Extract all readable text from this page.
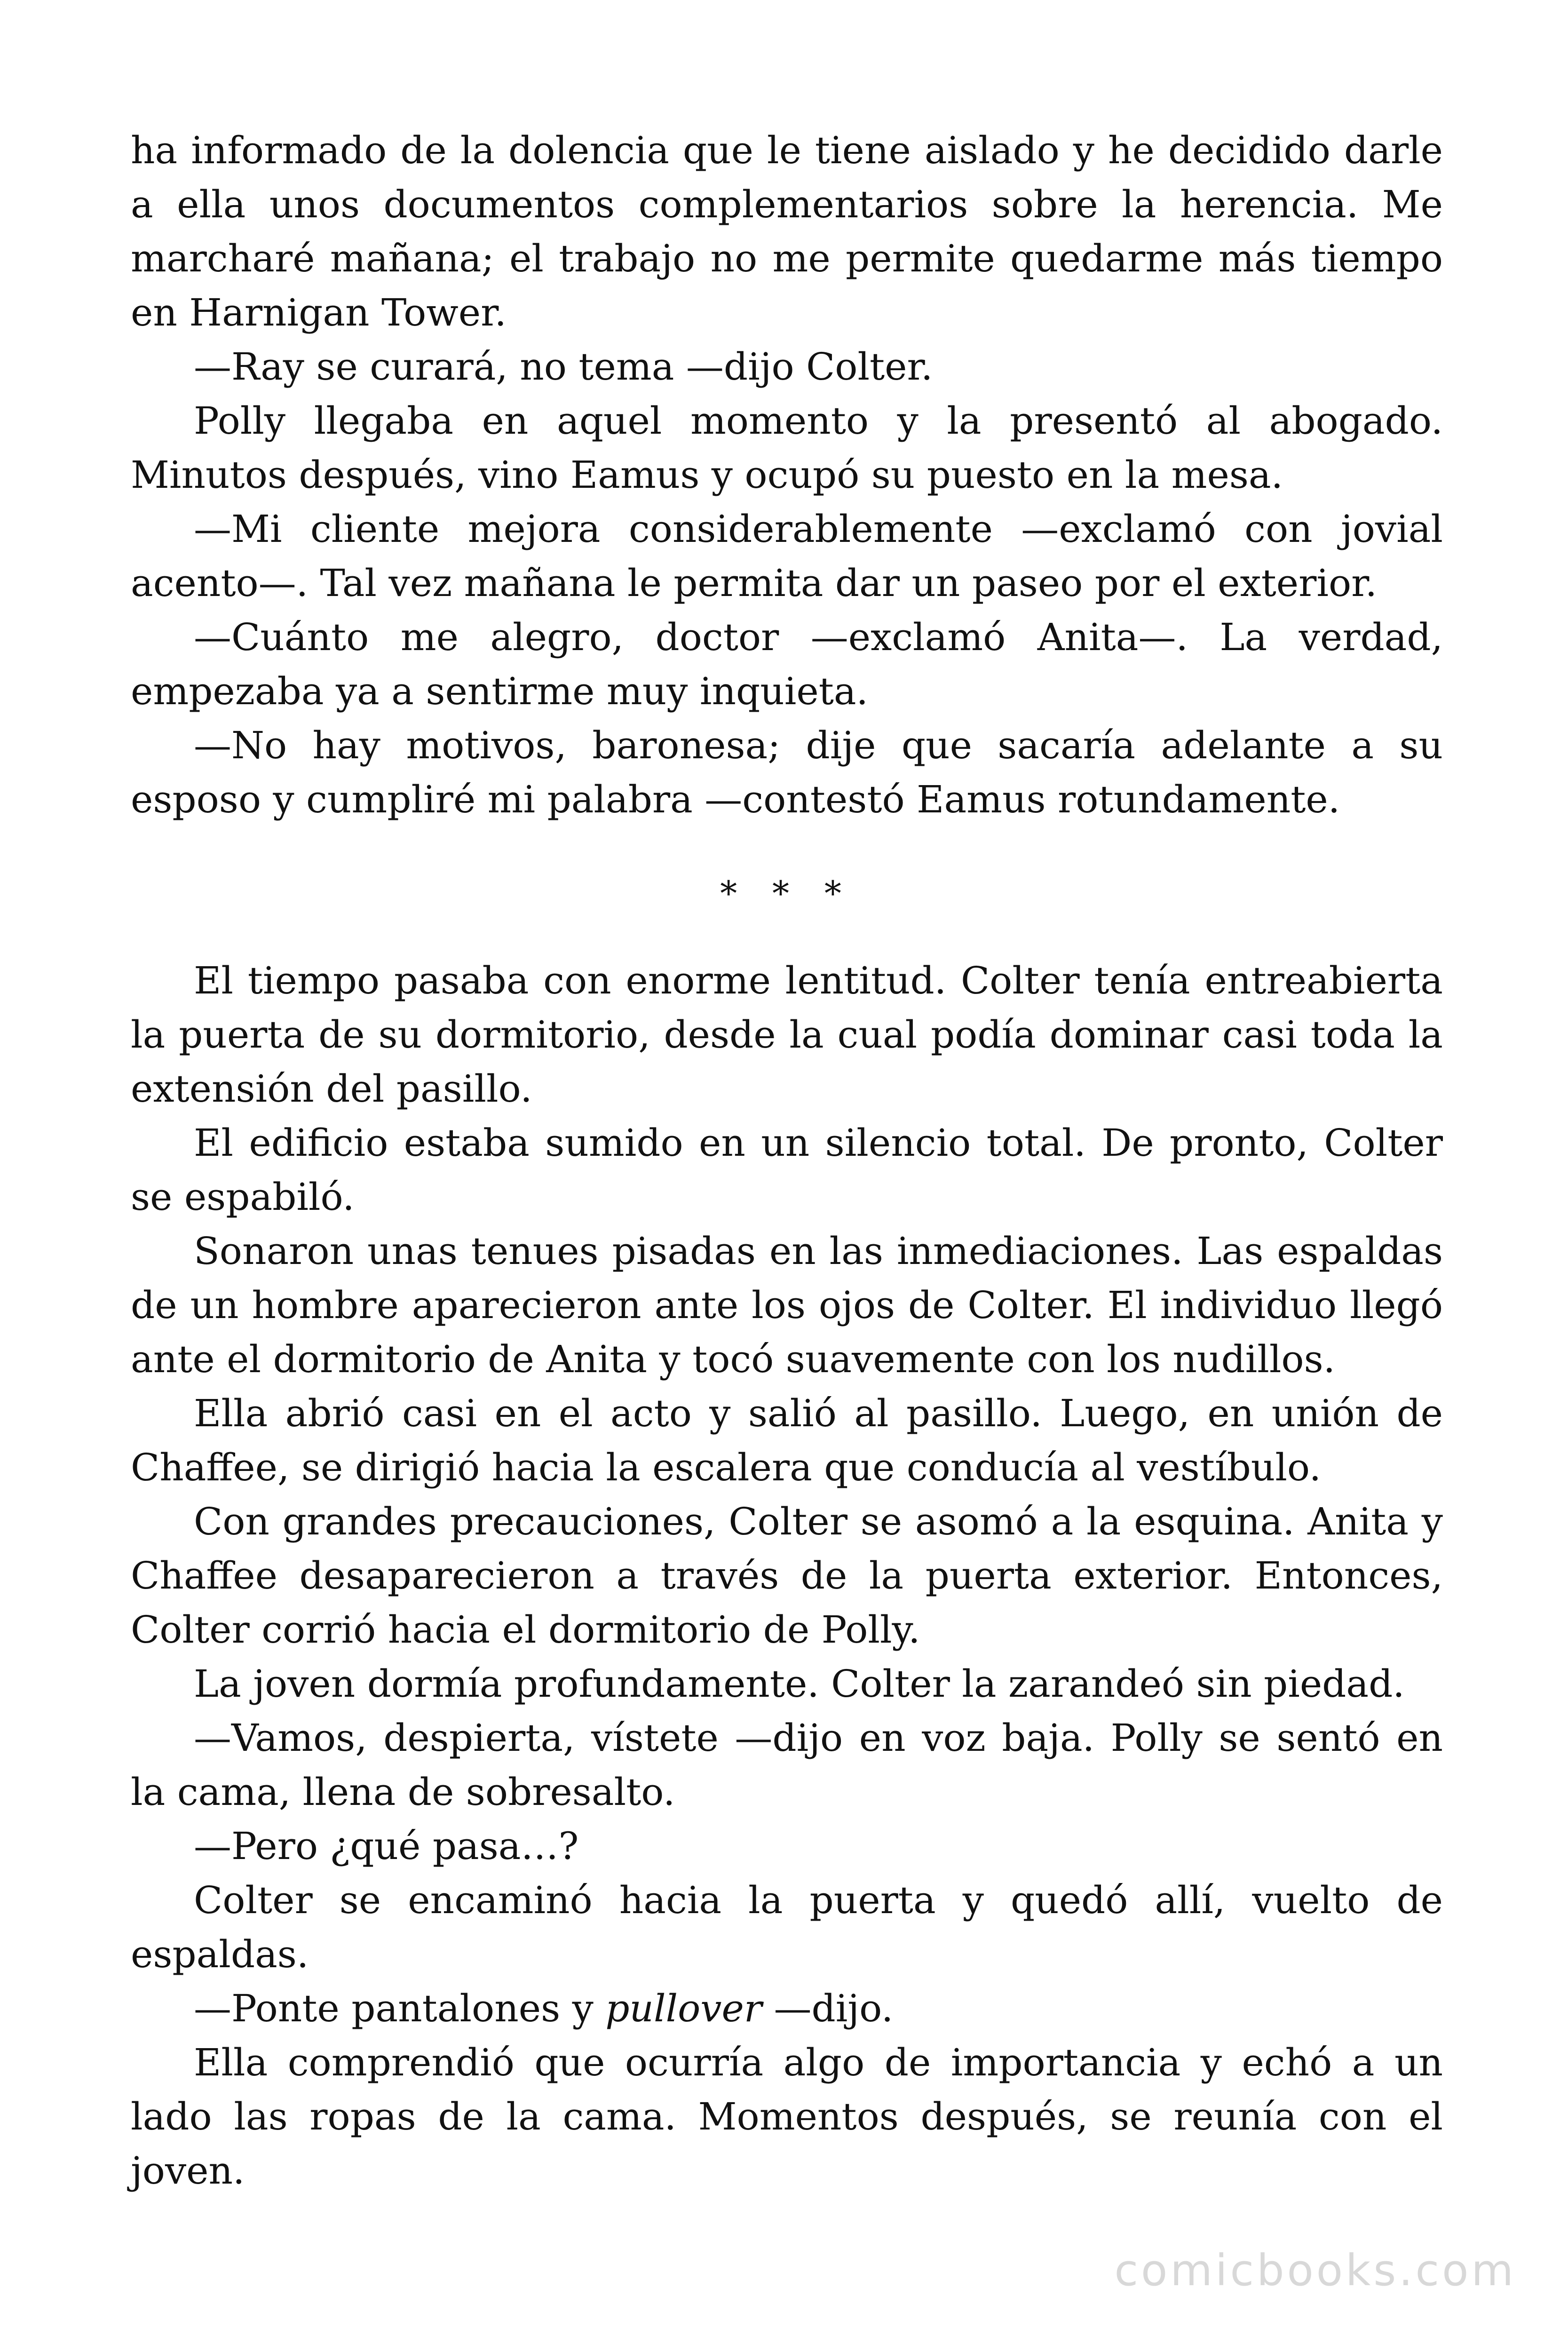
ha informado de la dolencia que le tiene aislado y he decidido darle a ella unos documentos complementarios sobre la herencia. Me marcharé mañana; el trabajo no me permite quedarme más tiempo en Harnigan Tower.

—Ray se curará, no tema —dijo Colter.

Polly llegaba en aquel momento y la presentó al abogado. Minutos después, vino Eamus y ocupó su puesto en la mesa.

—Mi cliente mejora considerablemente —exclamó con jovial acento—. Tal vez mañana le permita dar un paseo por el exterior.

—Cuánto me alegro, doctor —exclamó Anita—. La verdad, empezaba ya a sentirme muy inquieta.

—No hay motivos, baronesa; dije que sacaría adelante a su esposo y cumpliré mi palabra —contestó Eamus rotundamente.

* * *

El tiempo pasaba con enorme lentitud. Colter tenía entreabierta la puerta de su dormitorio, desde la cual podía dominar casi toda la extensión del pasillo.

El edificio estaba sumido en un silencio total. De pronto, Colter se espabiló.

Sonaron unas tenues pisadas en las inmediaciones. Las espaldas de un hombre aparecieron ante los ojos de Colter. El individuo llegó ante el dormitorio de Anita y tocó suavemente con los nudillos.

Ella abrió casi en el acto y salió al pasillo. Luego, en unión de Chaffee, se dirigió hacia la escalera que conducía al vestíbulo.

Con grandes precauciones, Colter se asomó a la esquina. Anita y Chaffee desaparecieron a través de la puerta exterior. Entonces, Colter corrió hacia el dormitorio de Polly.

La joven dormía profundamente. Colter la zarandeó sin piedad.

—Vamos, despierta, vístete —dijo en voz baja. Polly se sentó en la cama, llena de sobresalto.

—Pero ¿qué pasa…?

Colter se encaminó hacia la puerta y quedó allí, vuelto de espaldas.

—Ponte pantalones y pullover —dijo.

Ella comprendió que ocurría algo de importancia y echó a un lado las ropas de la cama. Momentos después, se reunía con el joven.

comicbooks.com
